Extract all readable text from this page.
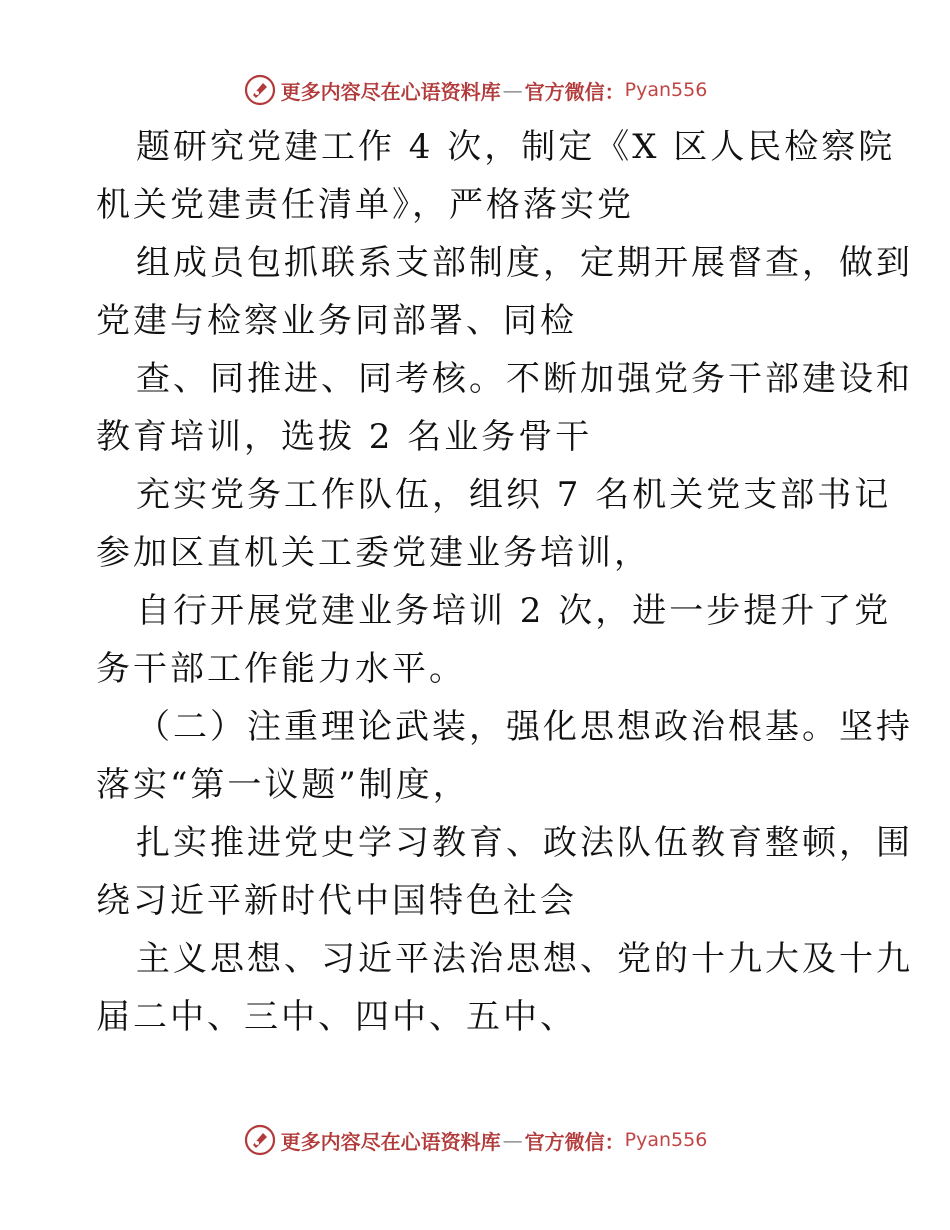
更多内容尽在心语资料库 — 官方微信： Pyan556
题研究党建工作 4 次，制定《X 区人民检察院
机关党建责任清单》，严格落实党
组成员包抓联系支部制度，定期开展督查，做到
党建与检察业务同部署、同检
查、同推进、同考核。不断加强党务干部建设和
教育培训，选拔 2 名业务骨干
充实党务工作队伍，组织 7 名机关党支部书记
参加区直机关工委党建业务培训，
自行开展党建业务培训 2 次，进一步提升了党
务干部工作能力水平。
（二）注重理论武装，强化思想政治根基。坚持
落实“第一议题”制度，
扎实推进党史学习教育、政法队伍教育整顿，围
绕习近平新时代中国特色社会
主义思想、习近平法治思想、党的十九大及十九
届二中、三中、四中、五中、
更多内容尽在心语资料库 — 官方微信： Pyan556
